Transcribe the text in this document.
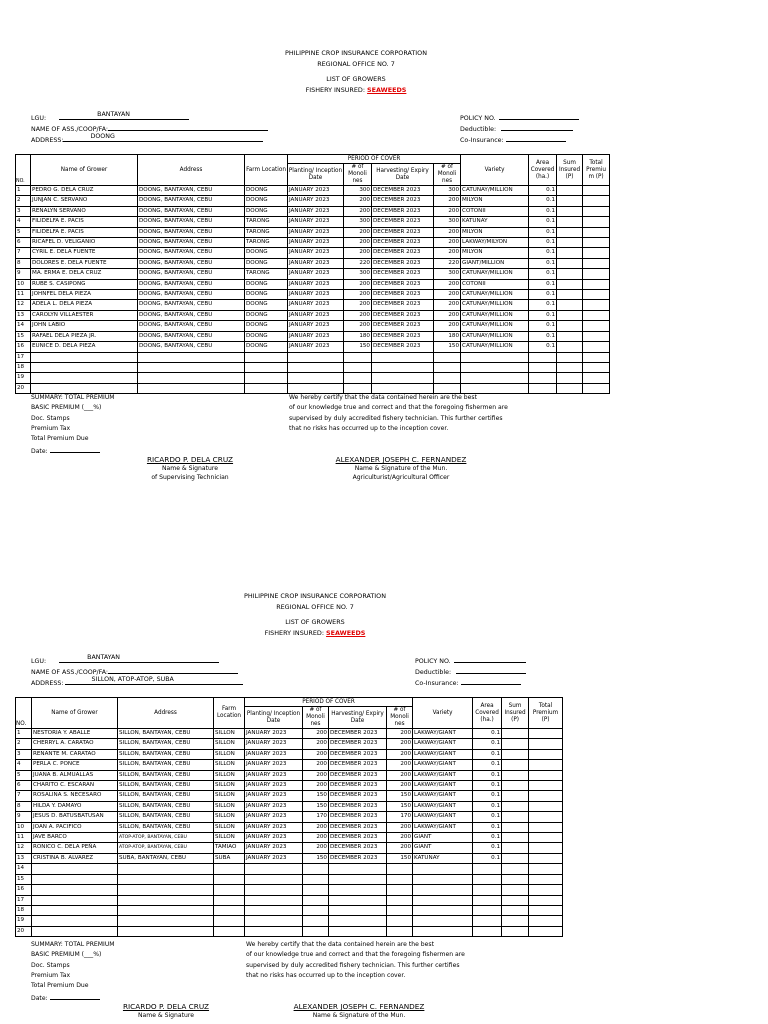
PHILIPPINE CROP INSURANCE CORPORATION
REGIONAL OFFICE NO. 7
LIST OF GROWERS
FISHERY INSURED: SEAWEEDS
LGU:
BANTAYAN
NAME OF ASS./COOP/FA:
ADDRESS:
DOONG
POLICY NO.
Deductible:
Co-Insurance:
NO.	Name of Grower	Address	Farm Location	PERIOD OF COVER				Variety	Area Covered (ha.)	Sum Insured (P)	Total Premiu m (P)
				Planting/ Inception Date	# of Monoli nes	Harvesting/ Expiry Date	# of Monoli nes				
1	PEDRO G. DELA CRUZ	DOONG, BANTAYAN, CEBU	DOONG	JANUARY 2023	300	DECEMBER 2023	300	CATUNAY/MILLION	0.1		
2	JUNJAN C. SERVANO	DOONG, BANTAYAN, CEBU	DOONG	JANUARY 2023	200	DECEMBER 2023	200	MILYON	0.1		
3	RENALYN SERVANO	DOONG, BANTAYAN, CEBU	DOONG	JANUARY 2023	200	DECEMBER 2023	200	COTONII	0.1		
4	FILIDELFA E. PACIS	DOONG, BANTAYAN, CEBU	TARONG	JANUARY 2023	300	DECEMBER 2023	300	KATUNAY	0.1		
5	FILIDELFA E. PACIS	DOONG, BANTAYAN, CEBU	TARONG	JANUARY 2023	200	DECEMBER 2023	200	MILYON	0.1		
6	RICAFEL D. VELIGANIO	DOONG, BANTAYAN, CEBU	TARONG	JANUARY 2023	200	DECEMBER 2023	200	LAKWAY/MILYON	0.1		
7	CYRIL E. DELA FUENTE	DOONG, BANTAYAN, CEBU	DOONG	JANUARY 2023	200	DECEMBER 2023	200	MILYON	0.1		
8	DOLORES E. DELA FUENTE	DOONG, BANTAYAN, CEBU	DOONG	JANUARY 2023	220	DECEMBER 2023	220	GIANT/MILLION	0.1		
9	MA. ERMA E. DELA CRUZ	DOONG, BANTAYAN, CEBU	TARONG	JANUARY 2023	300	DECEMBER 2023	300	CATUNAY/MILLION	0.1		
10	RUBE S. CASIPONG	DOONG, BANTAYAN, CEBU	DOONG	JANUARY 2023	200	DECEMBER 2023	200	COTONII	0.1		
11	JOHNFEL DELA PIEZA	DOONG, BANTAYAN, CEBU	DOONG	JANUARY 2023	200	DECEMBER 2023	200	CATUNAY/MILLION	0.1		
12	ADELA L. DELA PIEZA	DOONG, BANTAYAN, CEBU	DOONG	JANUARY 2023	200	DECEMBER 2023	200	CATUNAY/MILLION	0.1		
13	CAROLYN VILLAESTER	DOONG, BANTAYAN, CEBU	DOONG	JANUARY 2023	200	DECEMBER 2023	200	CATUNAY/MILLION	0.1		
14	JOHN LABIO	DOONG, BANTAYAN, CEBU	DOONG	JANUARY 2023	200	DECEMBER 2023	200	CATUNAY/MILLION	0.1		
15	RAFAEL DELA PIEZA JR.	DOONG, BANTAYAN, CEBU	DOONG	JANUARY 2023	180	DECEMBER 2023	180	CATUNAY/MILLION	0.1		
16	EUNICE D. DELA PIEZA	DOONG, BANTAYAN, CEBU	DOONG	JANUARY 2023	150	DECEMBER 2023	150	CATUNAY/MILLION	0.1		
17											
18											
19											
20											
SUMMARY: TOTAL PREMIUM
BASIC PREMIUM (___%)
Doc. Stamps
Premium Tax
Total Premium Due
Date:
We hereby certify that the data contained herein are the best
of our knowledge true and correct and that the foregoing fishermen are
supervised by duly accredited fishery technician. This further certifies
that no risks has occurred up to the inception cover.
RICARDO P. DELA CRUZ
Name & Signature
of Supervising Technician
ALEXANDER JOSEPH C. FERNANDEZ
Name & Signature of the Mun.
Agriculturist/Agricultural Officer
PHILIPPINE CROP INSURANCE CORPORATION
REGIONAL OFFICE NO. 7
LIST OF GROWERS
FISHERY INSURED: SEAWEEDS
LGU:
BANTAYAN
NAME OF ASS./COOP/FA:
ADDRESS:
SILLON, ATOP-ATOP, SUBA
POLICY NO.
Deductible:
Co-Insurance:
NO.	Name of Grower	Address	Farm Location	PERIOD OF COVER				Variety	Area Covered (ha.)	Sum Insured (P)	Total Premium (P)
				Planting/ Inception Date	# of Monoli nes	Harvesting/ Expiry Date	# of Monoli nes				
1	NESTORIA Y. ABALLE	SILLON, BANTAYAN, CEBU	SILLON	JANUARY 2023	200	DECEMBER 2023	200	LAKWAY/GIANT	0.1		
2	CHERRYL A. CARATAO	SILLON, BANTAYAN, CEBU	SILLON	JANUARY 2023	200	DECEMBER 2023	200	LAKWAY/GIANT	0.1		
3	RENANTE M. CARATAO	SILLON, BANTAYAN, CEBU	SILLON	JANUARY 2023	200	DECEMBER 2023	200	LAKWAY/GIANT	0.1		
4	PERLA C. PONCE	SILLON, BANTAYAN, CEBU	SILLON	JANUARY 2023	200	DECEMBER 2023	200	LAKWAY/GIANT	0.1		
5	JUANA B. ALMUALLAS	SILLON, BANTAYAN, CEBU	SILLON	JANUARY 2023	200	DECEMBER 2023	200	LAKWAY/GIANT	0.1		
6	CHARITO C. ESCARAN	SILLON, BANTAYAN, CEBU	SILLON	JANUARY 2023	200	DECEMBER 2023	200	LAKWAY/GIANT	0.1		
7	ROSALINA S. NECESARO	SILLON, BANTAYAN, CEBU	SILLON	JANUARY 2023	150	DECEMBER 2023	150	LAKWAY/GIANT	0.1		
8	HILDA Y. DAMAYO	SILLON, BANTAYAN, CEBU	SILLON	JANUARY 2023	150	DECEMBER 2023	150	LAKWAY/GIANT	0.1		
9	JESUS D. BATUSBATUSAN	SILLON, BANTAYAN, CEBU	SILLON	JANUARY 2023	170	DECEMBER 2023	170	LAKWAY/GIANT	0.1		
10	JOAN A. PACIFICO	SILLON, BANTAYAN, CEBU	SILLON	JANUARY 2023	200	DECEMBER 2023	200	LAKWAY/GIANT	0.1		
11	JAVE BARCO	ATOP-ATOP, BANTAYAN, CEBU	SILLON	JANUARY 2023	200	DECEMBER 2023	200	GIANT	0.1		
12	RONICO C. DELA PEÑA	ATOP-ATOP, BANTAYAN, CEBU	TAMIAO	JANUARY 2023	200	DECEMBER 2023	200	GIANT	0.1		
13	CRISTINA B. ALVAREZ	SUBA, BANTAYAN, CEBU	SUBA	JANUARY 2023	150	DECEMBER 2023	150	KATUNAY	0.1		
14											
15											
16											
17											
18											
19											
20											
SUMMARY: TOTAL PREMIUM
BASIC PREMIUM (___%)
Doc. Stamps
Premium Tax
Total Premium Due
Date:
We hereby certify that the data contained herein are the best
of our knowledge true and correct and that the foregoing fishermen are
supervised by duly accredited fishery technician. This further certifies
that no risks has occurred up to the inception cover.
RICARDO P. DELA CRUZ
Name & Signature
ALEXANDER JOSEPH C. FERNANDEZ
Name & Signature of the Mun.
